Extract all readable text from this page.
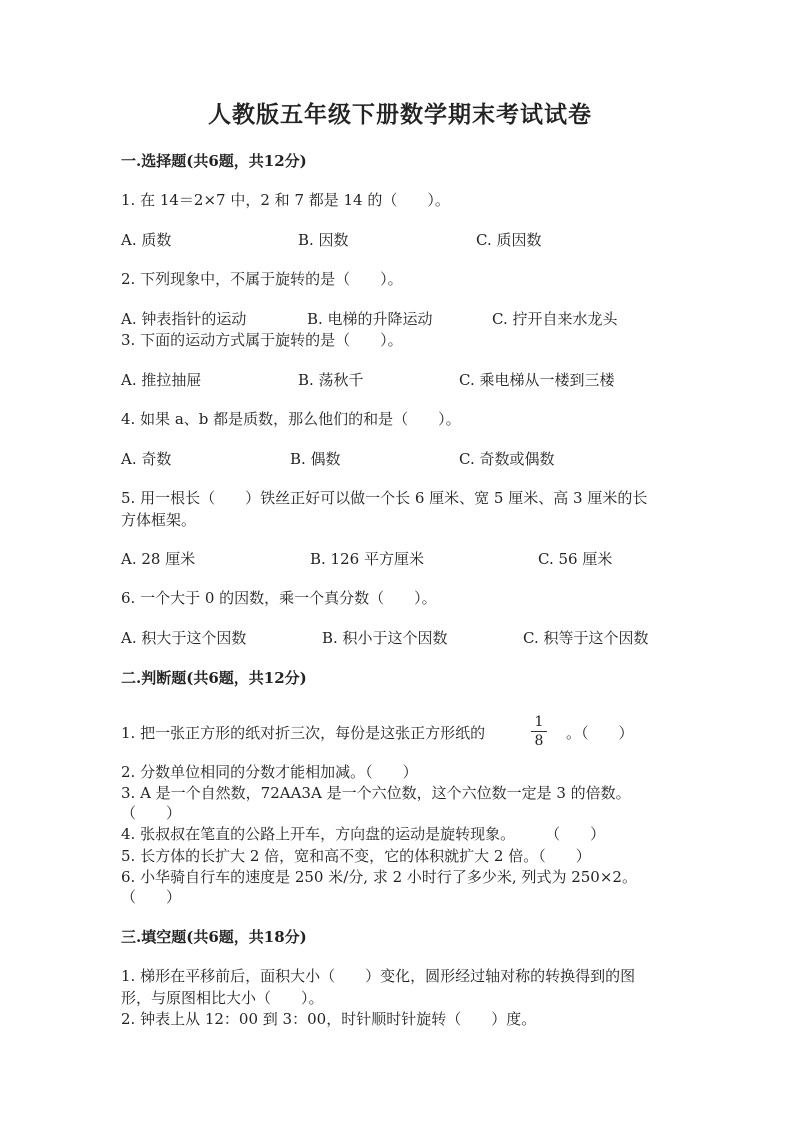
人教版五年级下册数学期末考试试卷
一.选择题(共6题，共12分)
1. 在 14＝2×7 中，2 和 7 都是 14 的（　　）。
A. 质数	B. 因数	C. 质因数
2. 下列现象中，不属于旋转的是（　　）。
A. 钟表指针的运动	B. 电梯的升降运动	C. 拧开自来水龙头
3. 下面的运动方式属于旋转的是（　　）。
A. 推拉抽屉	B. 荡秋千	C. 乘电梯从一楼到三楼
4. 如果 a、b 都是质数，那么他们的和是（　　）。
A. 奇数	B. 偶数	C. 奇数或偶数
5. 用一根长（　　）铁丝正好可以做一个长 6 厘米、宽 5 厘米、高 3 厘米的长
方体框架。
A. 28 厘米	B. 126 平方厘米	C. 56 厘米
6. 一个大于 0 的因数，乘一个真分数（　　）。
A. 积大于这个因数	B. 积小于这个因数	C. 积等于这个因数
二.判断题(共6题，共12分)
1. 把一张正方形的纸对折三次，每份是这张正方形纸的
1
8	。（　　）
2. 分数单位相同的分数才能相加减。（　　）
3. A 是一个自然数，72AA3A 是一个六位数，这个六位数一定是 3 的倍数。
（　　）
4. 张叔叔在笔直的公路上开车，方向盘的运动是旋转现象。　　　（　　）
5. 长方体的长扩大 2 倍，宽和高不变，它的体积就扩大 2 倍。（　　）
6. 小华骑自行车的速度是 250 米/分, 求 2 小时行了多少米, 列式为 250×2。
（　　）
三.填空题(共6题，共18分)
1. 梯形在平移前后，面积大小（　　）变化，圆形经过轴对称的转换得到的图
形，与原图相比大小（　　）。
2. 钟表上从 12：00 到 3：00，时针顺时针旋转（　　）度。
